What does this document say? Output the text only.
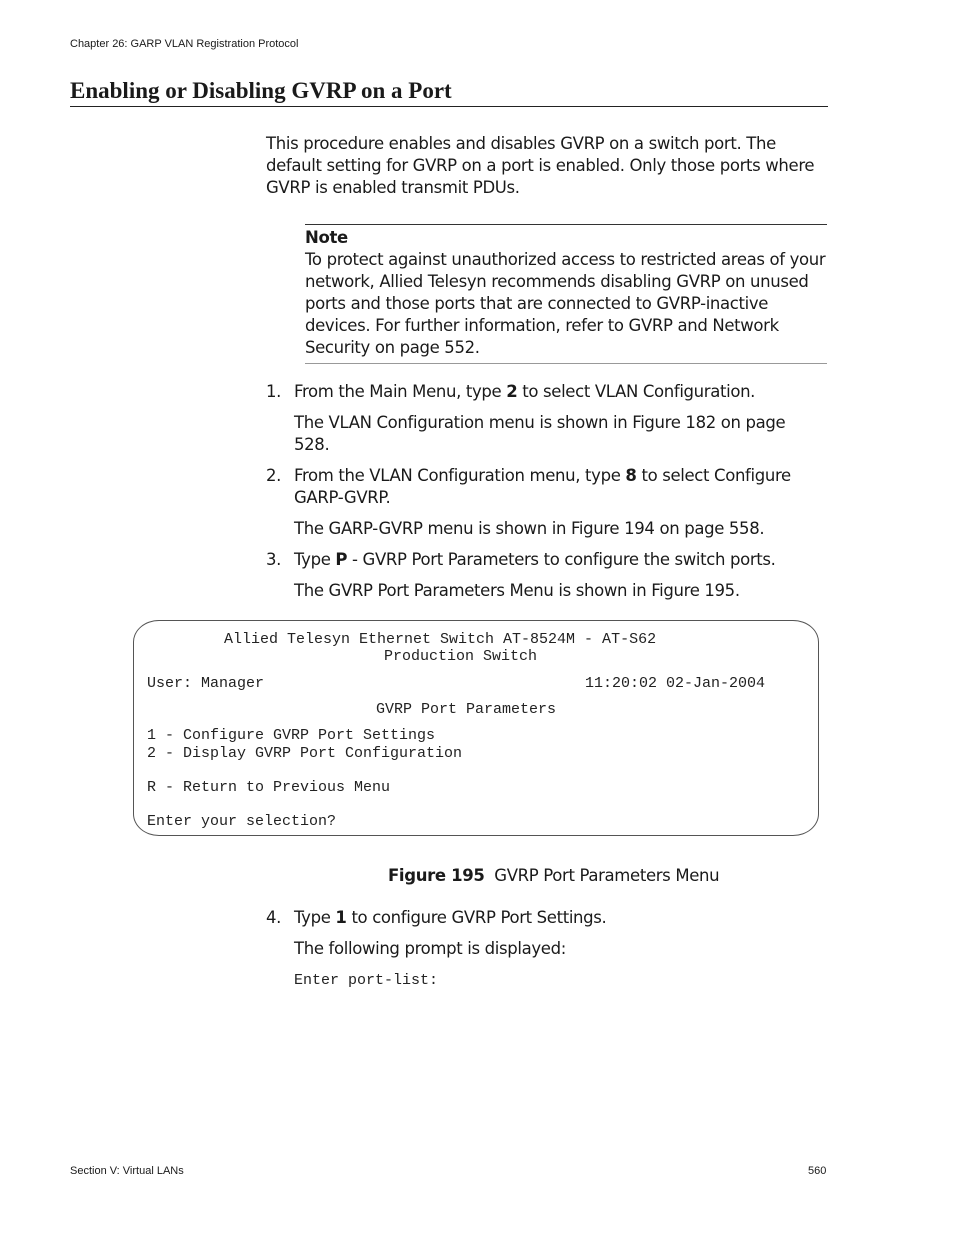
Chapter 26: GARP VLAN Registration Protocol
Enabling or Disabling GVRP on a Port
This procedure enables and disables GVRP on a switch port. The default setting for GVRP on a port is enabled. Only those ports where GVRP is enabled transmit PDUs.
Note
To protect against unauthorized access to restricted areas of your network, Allied Telesyn recommends disabling GVRP on unused ports and those ports that are connected to GVRP-inactive devices. For further information, refer to GVRP and Network Security on page 552.
1. From the Main Menu, type 2 to select VLAN Configuration.
The VLAN Configuration menu is shown in Figure 182 on page 528.
2. From the VLAN Configuration menu, type 8 to select Configure GARP-GVRP.
The GARP-GVRP menu is shown in Figure 194 on page 558.
3. Type P - GVRP Port Parameters to configure the switch ports.
The GVRP Port Parameters Menu is shown in Figure 195.
Allied Telesyn Ethernet Switch AT-8524M - AT-S62
Production Switch
User: Manager	11:20:02 02-Jan-2004
GVRP Port Parameters
1 - Configure GVRP Port Settings
2 - Display GVRP Port Configuration
R - Return to Previous Menu
Enter your selection?
Figure 195 GVRP Port Parameters Menu
4. Type 1 to configure GVRP Port Settings.
The following prompt is displayed:
Enter port-list:
Section V: Virtual LANs	560
